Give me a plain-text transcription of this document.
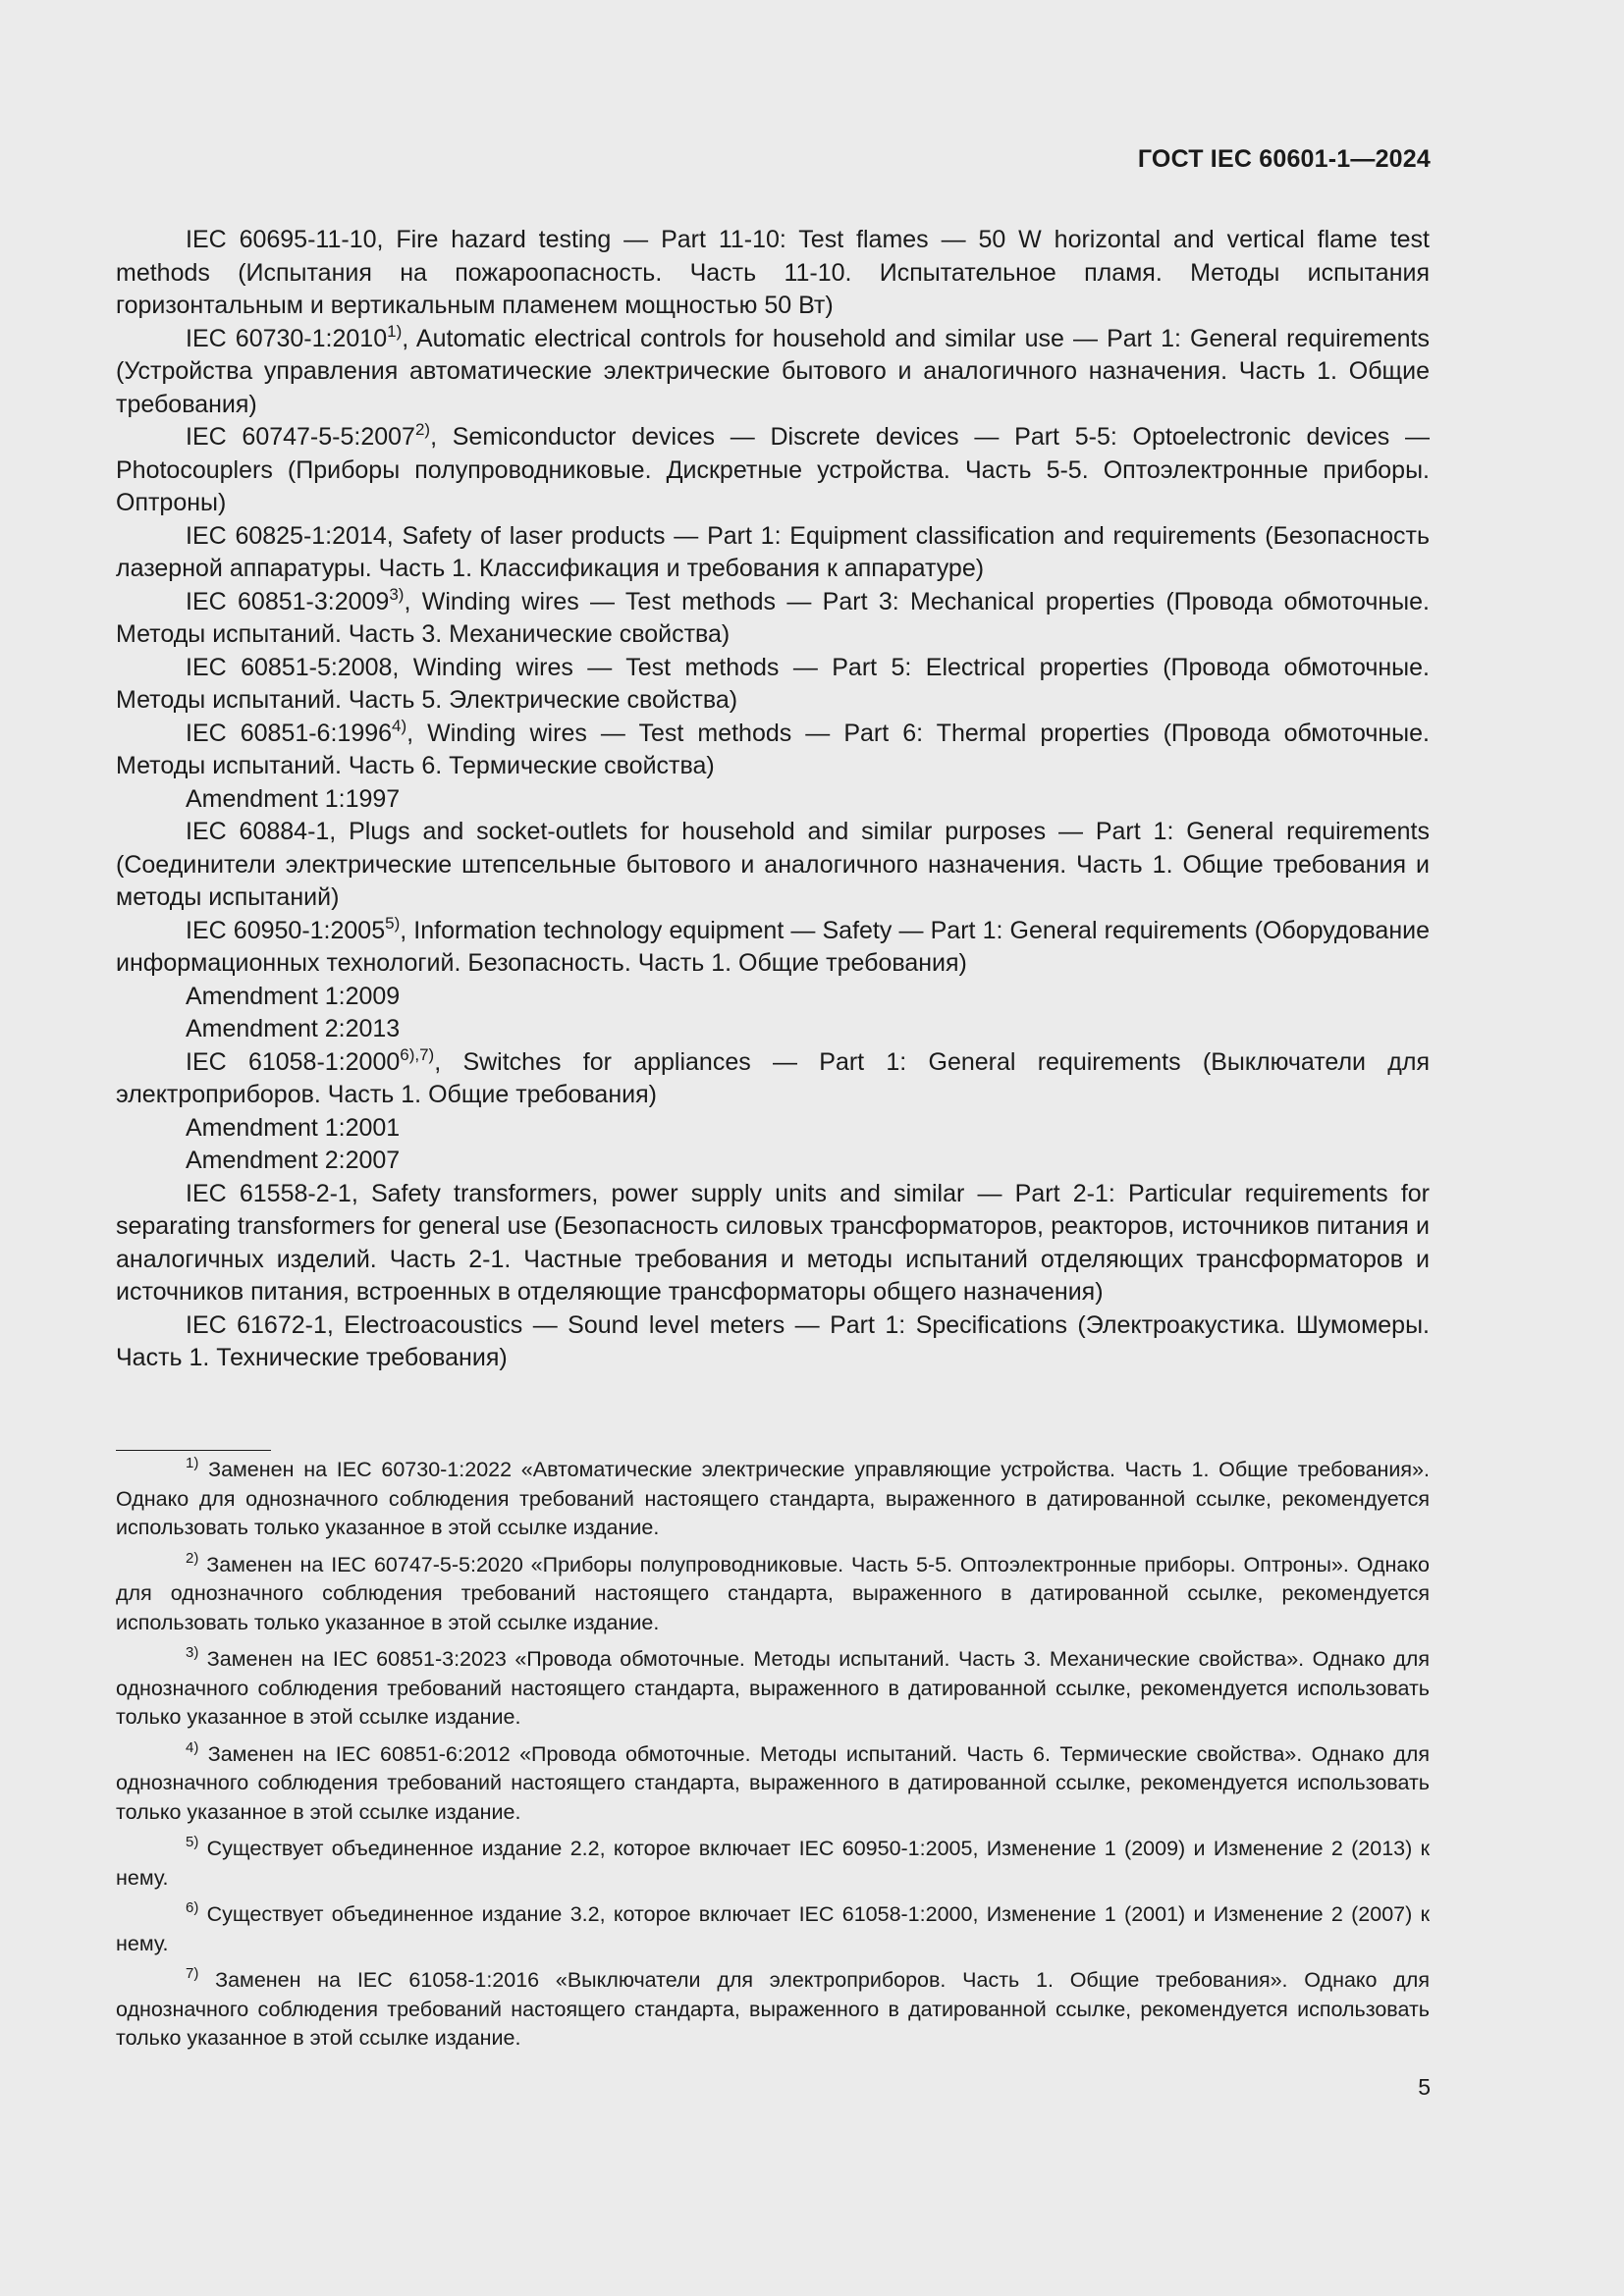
ГОСТ IEC 60601-1—2024

IEC 60695-11-10, Fire hazard testing — Part 11-10: Test flames — 50 W horizontal and vertical flame test methods (Испытания на пожароопасность. Часть 11-10. Испытательное пламя. Методы испытания горизонтальным и вертикальным пламенем мощностью 50 Вт)

IEC 60730-1:2010$^{1)}$, Automatic electrical controls for household and similar use — Part 1: General requirements (Устройства управления автоматические электрические бытового и аналогичного назначения. Часть 1. Общие требования)

IEC 60747-5-5:2007$^{2)}$, Semiconductor devices — Discrete devices — Part 5-5: Optoelectronic devices — Photocouplers (Приборы полупроводниковые. Дискретные устройства. Часть 5-5. Оптоэлектронные приборы. Оптроны)

IEC 60825-1:2014, Safety of laser products — Part 1: Equipment classification and requirements (Безопасность лазерной аппаратуры. Часть 1. Классификация и требования к аппаратуре)

IEC 60851-3:2009$^{3)}$, Winding wires — Test methods — Part 3: Mechanical properties (Провода обмоточные. Методы испытаний. Часть 3. Механические свойства)

IEC 60851-5:2008, Winding wires — Test methods — Part 5: Electrical properties (Провода обмоточные. Методы испытаний. Часть 5. Электрические свойства)

IEC 60851-6:1996$^{4)}$, Winding wires — Test methods — Part 6: Thermal properties (Провода обмоточные. Методы испытаний. Часть 6. Термические свойства)

Amendment 1:1997

IEC 60884-1, Plugs and socket-outlets for household and similar purposes — Part 1: General requirements (Соединители электрические штепсельные бытового и аналогичного назначения. Часть 1. Общие требования и методы испытаний)

IEC 60950-1:2005$^{5)}$, Information technology equipment — Safety — Part 1: General requirements (Оборудование информационных технологий. Безопасность. Часть 1. Общие требования)

Amendment 1:2009

Amendment 2:2013

IEC $61058-1:2000^{6),7)}$, Switches for appliances — Part 1: General requirements (Выключатели для электроприборов. Часть 1. Общие требования)

Amendment 1:2001

Amendment 2:2007

IEC 61558-2-1, Safety transformers, power supply units and similar — Part 2-1: Particular requirements for separating transformers for general use (Безопасность силовых трансформаторов, реакторов, источников питания и аналогичных изделий. Часть 2-1. Частные требования и методы испытаний отделяющих трансформаторов и источников питания, встроенных в отделяющие трансформаторы общего назначения)

IEC 61672-1, Electroacoustics — Sound level meters — Part 1: Specifications (Электроакустика. Шумомеры. Часть 1. Технические требования)

$^{1)}$ Заменен на IEC 60730-1:2022 «Автоматические электрические управляющие устройства. Часть 1. Общие требования». Однако для однозначного соблюдения требований настоящего стандарта, выраженного в датированной ссылке, рекомендуется использовать только указанное в этой ссылке издание.

$^{2)}$ Заменен на IEC 60747-5-5:2020 «Приборы полупроводниковые. Часть 5-5. Оптоэлектронные приборы. Оптроны». Однако для однозначного соблюдения требований настоящего стандарта, выраженного в датированной ссылке, рекомендуется использовать только указанное в этой ссылке издание.

$^{3)}$ Заменен на IEC 60851-3:2023 «Провода обмоточные. Методы испытаний. Часть 3. Механические свойства». Однако для однозначного соблюдения требований настоящего стандарта, выраженного в датированной ссылке, рекомендуется использовать только указанное в этой ссылке издание.

$^{4)}$ Заменен на IEC 60851-6:2012 «Провода обмоточные. Методы испытаний. Часть 6. Термические свойства». Однако для однозначного соблюдения требований настоящего стандарта, выраженного в датированной ссылке, рекомендуется использовать только указанное в этой ссылке издание.

$^{5)}$ Существует объединенное издание 2.2, которое включает IEC 60950-1:2005, Изменение 1 (2009) и Изменение 2 (2013) к нему.

$^{6)}$ Существует объединенное издание 3.2, которое включает IEC 61058-1:2000, Изменение 1 (2001) и Изменение 2 (2007) к нему.

$^{7)}$ Заменен на IEC 61058-1:2016 «Выключатели для электроприборов. Часть 1. Общие требования». Однако для однозначного соблюдения требований настоящего стандарта, выраженного в датированной ссылке, рекомендуется использовать только указанное в этой ссылке издание.

5
